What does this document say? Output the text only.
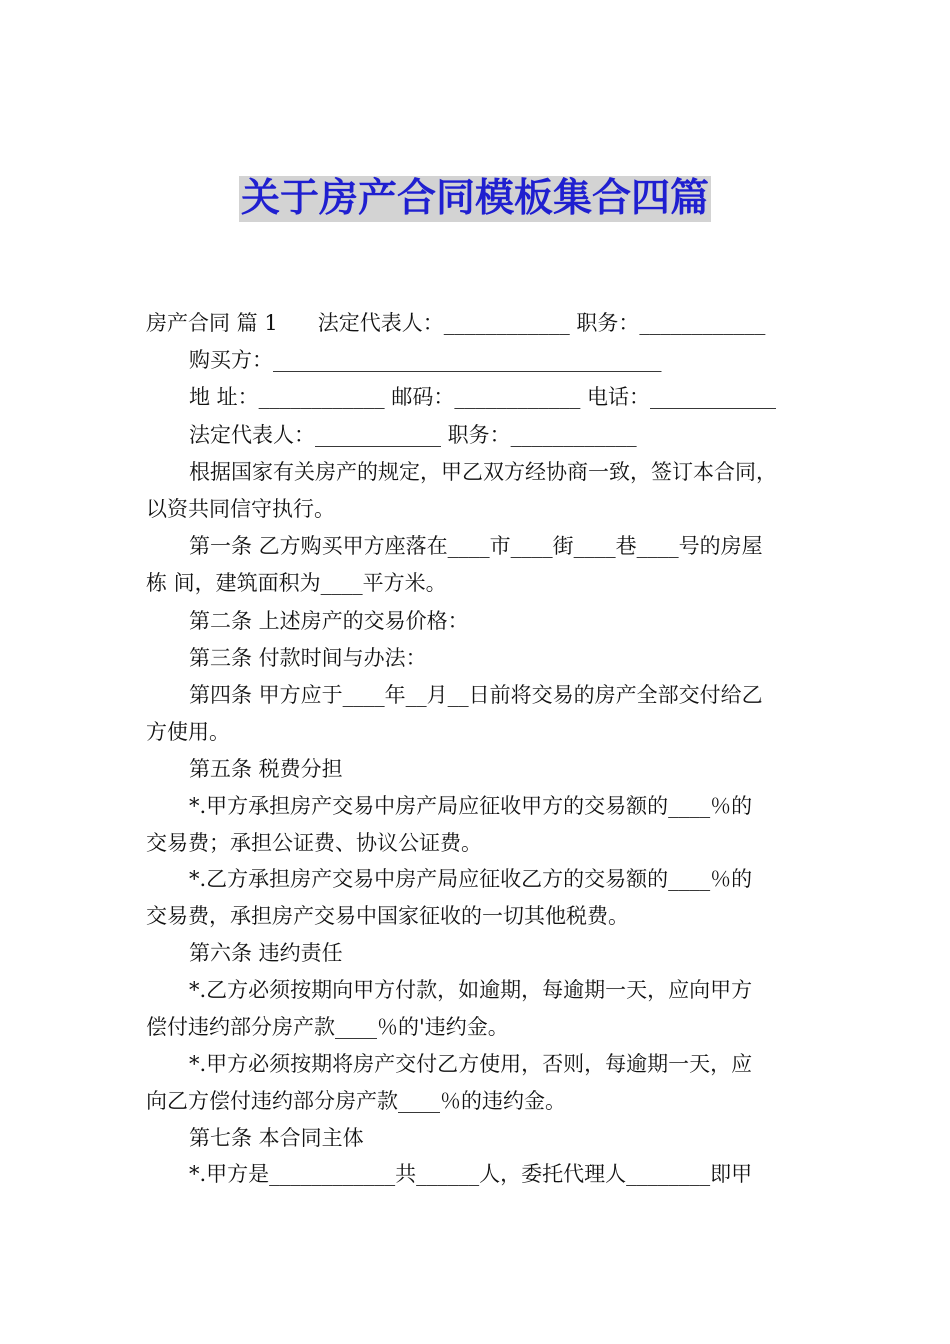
关于房产合同模板集合四篇
房产合同 篇 1      法定代表人：____________ 职务：____________
购买方：_____________________________________
地 址：____________ 邮码：____________ 电话：____________
法定代表人：____________ 职务：____________
根据国家有关房产的规定，甲乙双方经协商一致，签订本合同，
以资共同信守执行。
第一条 乙方购买甲方座落在____市____街____巷____号的房屋
栋 间，建筑面积为____平方米。
第二条 上述房产的交易价格：
第三条 付款时间与办法：
第四条 甲方应于____年__月__日前将交易的房产全部交付给乙
方使用。
第五条 税费分担
*.甲方承担房产交易中房产局应征收甲方的交易额的____％的
交易费；承担公证费、协议公证费。
*.乙方承担房产交易中房产局应征收乙方的交易额的____％的
交易费，承担房产交易中国家征收的一切其他税费。
第六条 违约责任
*.乙方必须按期向甲方付款，如逾期，每逾期一天，应向甲方
偿付违约部分房产款____％的'违约金。
*.甲方必须按期将房产交付乙方使用，否则，每逾期一天，应
向乙方偿付违约部分房产款____％的违约金。
第七条 本合同主体
*.甲方是____________共______人，委托代理人________即甲
